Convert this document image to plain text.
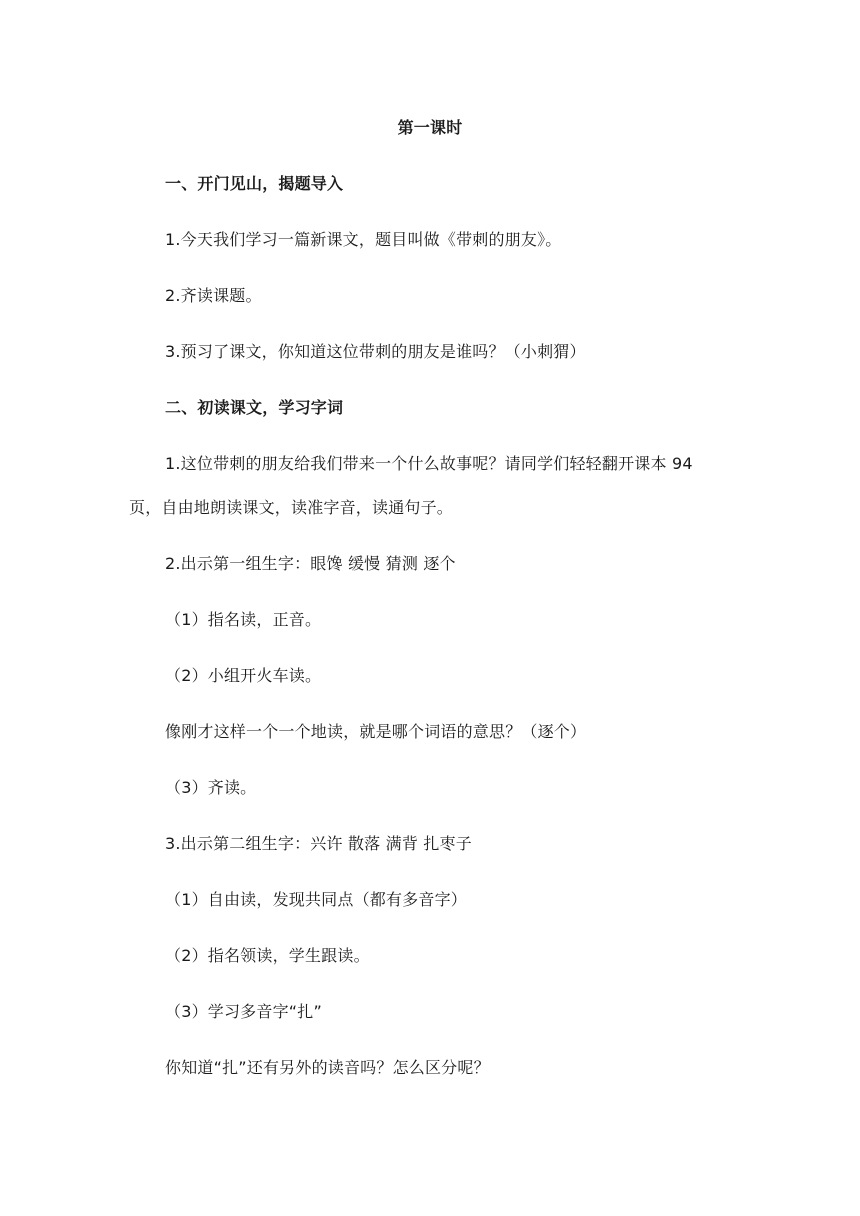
第一课时
一、开门见山，揭题导入
1.今天我们学习一篇新课文，题目叫做《带刺的朋友》。
2.齐读课题。
3.预习了课文，你知道这位带刺的朋友是谁吗？（小刺猬）
二、初读课文，学习字词
1.这位带刺的朋友给我们带来一个什么故事呢？请同学们轻轻翻开课本 94
页，自由地朗读课文，读准字音，读通句子。
2.出示第一组生字：眼馋 缓慢 猜测 逐个
（1）指名读，正音。
（2）小组开火车读。
像刚才这样一个一个地读，就是哪个词语的意思？（逐个）
（3）齐读。
3.出示第二组生字：兴许 散落 满背 扎枣子
（1）自由读，发现共同点（都有多音字）
（2）指名领读，学生跟读。
（3）学习多音字“扎”
你知道“扎”还有另外的读音吗？怎么区分呢？
